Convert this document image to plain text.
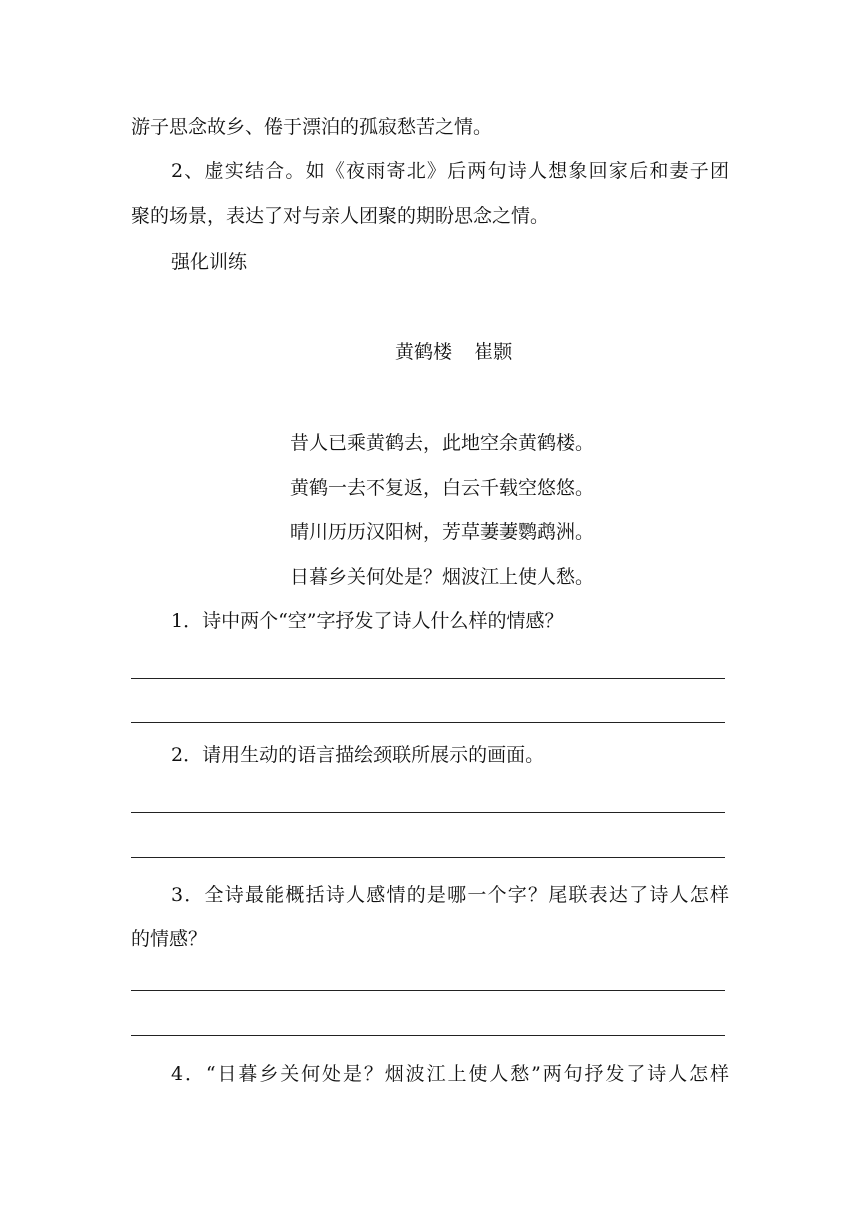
游子思念故乡、倦于漂泊的孤寂愁苦之情。
2、虚实结合。如《夜雨寄北》后两句诗人想象回家后和妻子团
聚的场景，表达了对与亲人团聚的期盼思念之情。
强化训练
黄鹤楼 崔颢
昔人已乘黄鹤去，此地空余黄鹤楼。
黄鹤一去不复返，白云千载空悠悠。
晴川历历汉阳树，芳草萋萋鹦鹉洲。
日暮乡关何处是？烟波江上使人愁。
1．诗中两个“空”字抒发了诗人什么样的情感？
2．请用生动的语言描绘颈联所展示的画面。
3．全诗最能概括诗人感情的是哪一个字？尾联表达了诗人怎样
的情感？
4．“日暮乡关何处是？烟波江上使人愁”两句抒发了诗人怎样
